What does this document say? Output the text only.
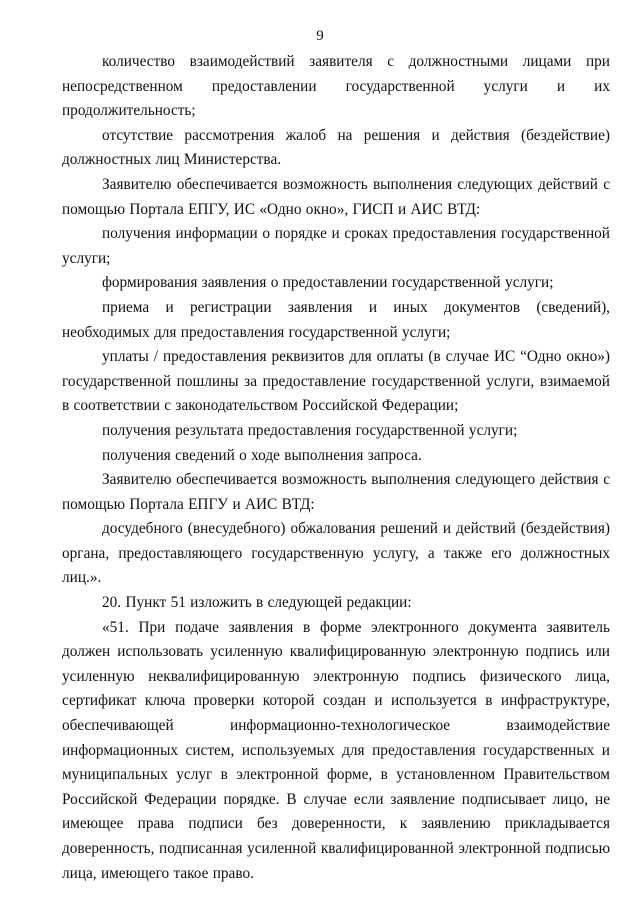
9

количество взаимодействий заявителя с должностными лицами при непосредственном предоставлении государственной услуги и их продолжительность;

отсутствие рассмотрения жалоб на решения и действия (бездействие) должностных лиц Министерства.

Заявителю обеспечивается возможность выполнения следующих действий с помощью Портала ЕПГУ, ИС «Одно окно», ГИСП и АИС ВТД:

получения информации о порядке и сроках предоставления государственной услуги;

формирования заявления о предоставлении государственной услуги;

приема и регистрации заявления и иных документов (сведений), необходимых для предоставления государственной услуги;

уплаты / предоставления реквизитов для оплаты (в случае ИС “Одно окно») государственной пошлины за предоставление государственной услуги, взимаемой в соответствии с законодательством Российской Федерации;

получения результата предоставления государственной услуги;

получения сведений о ходе выполнения запроса.

Заявителю обеспечивается возможность выполнения следующего действия с помощью Портала ЕПГУ и АИС ВТД:

досудебного (внесудебного) обжалования решений и действий (бездействия) органа, предоставляющего государственную услугу, а также его должностных лиц.».

20. Пункт 51 изложить в следующей редакции:

«51. При подаче заявления в форме электронного документа заявитель должен использовать усиленную квалифицированную электронную подпись или усиленную неквалифицированную электронную подпись физического лица, сертификат ключа проверки которой создан и используется в инфраструктуре, обеспечивающей информационно-технологическое взаимодействие информационных систем, используемых для предоставления государственных и муниципальных услуг в электронной форме, в установленном Правительством Российской Федерации порядке. В случае если заявление подписывает лицо, не имеющее права подписи без доверенности, к заявлению прикладывается доверенность, подписанная усиленной квалифицированной электронной подписью лица, имеющего такое право.
